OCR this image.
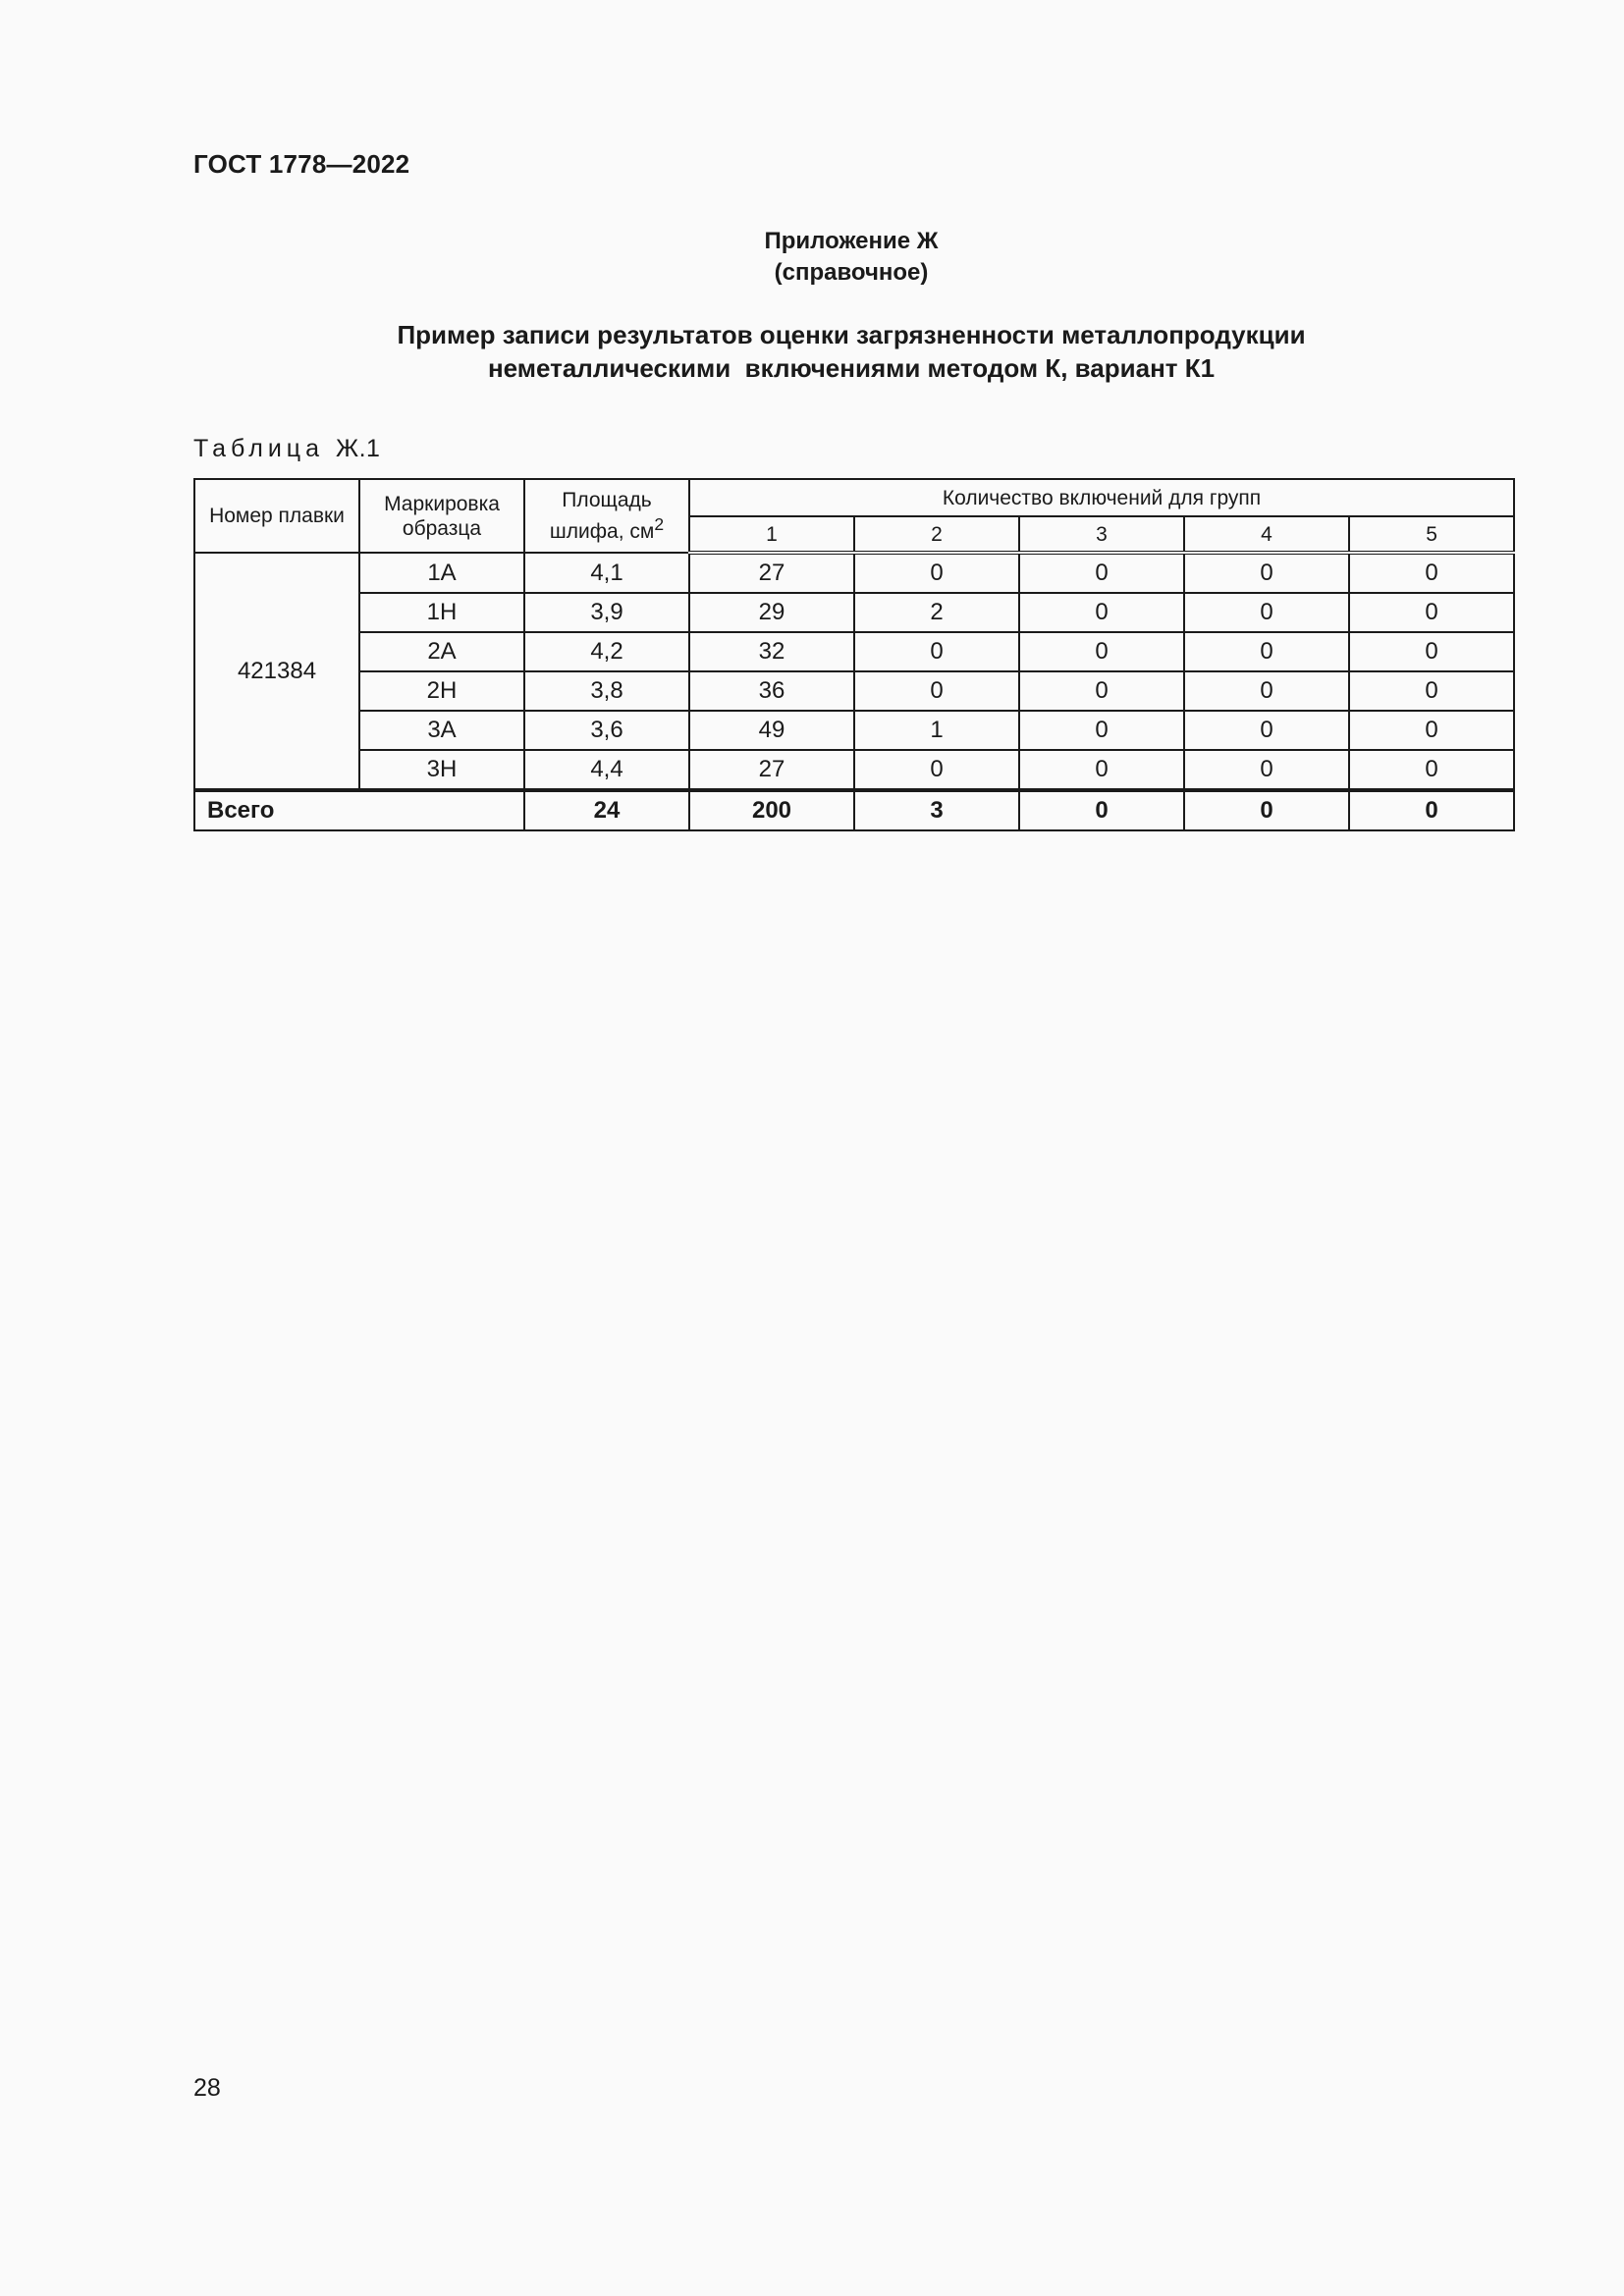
ГОСТ 1778—2022
Приложение Ж
(справочное)
Пример записи результатов оценки загрязненности металлопродукции
неметаллическими  включениями методом К, вариант К1
Таблица Ж.1
Номер плавки	Маркировка образца	Площадь шлифа, $см^2$	Количество включений для групп				
			1	2	3	4	5
421384	1А	4,1	27	0	0	0	0
	1Н	3,9	29	2	0	0	0
	2А	4,2	32	0	0	0	0
	2Н	3,8	36	0	0	0	0
	3А	3,6	49	1	0	0	0
	3Н	4,4	27	0	0	0	0
Всего		24	200	3	0	0	0
28
